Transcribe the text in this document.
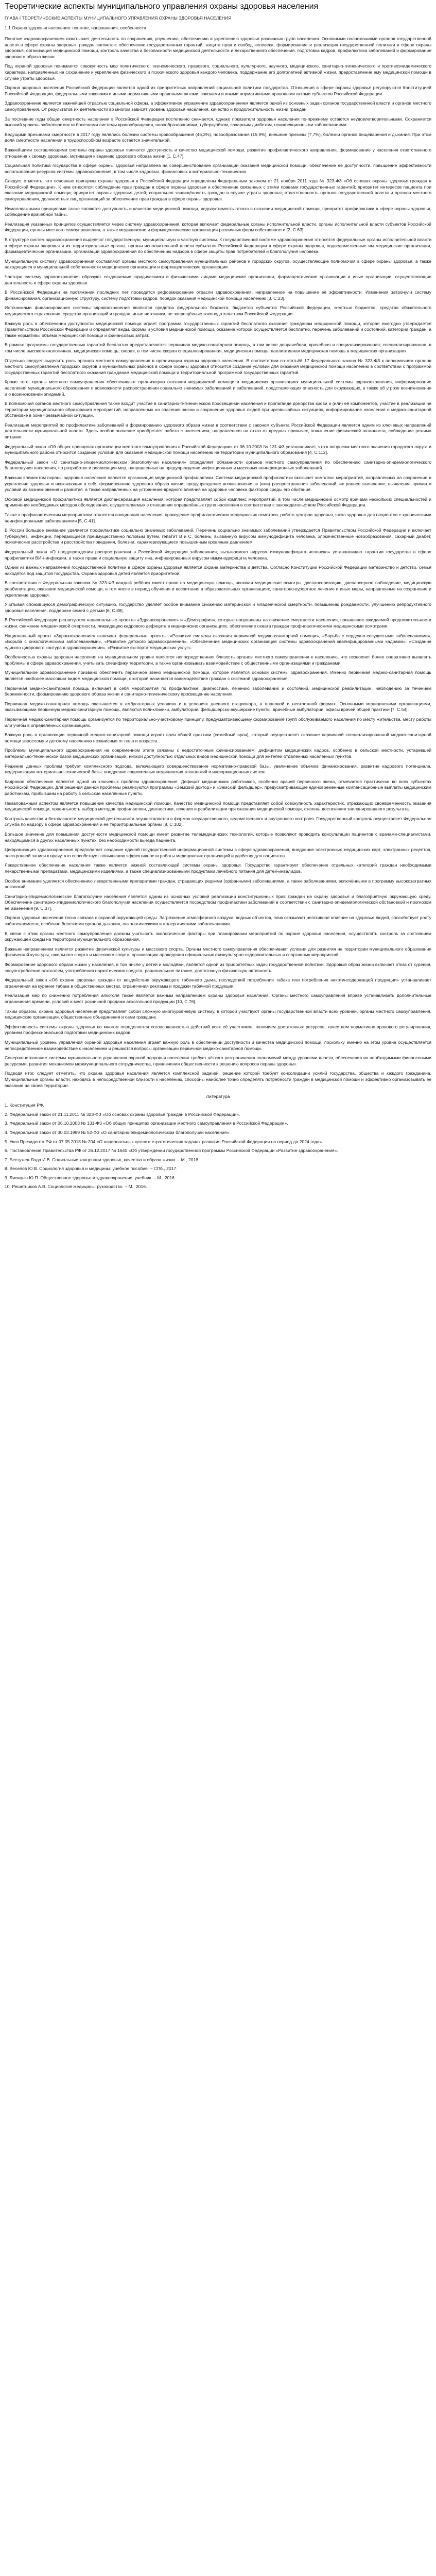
Теоретические аспекты муниципального управления охраны здоровья населения
ГЛАВА I ТЕОРЕТИЧЕСКИЕ АСПЕКТЫ МУНИЦИПАЛЬНОГО УПРАВЛЕНИЯ ОХРАНЫ ЗДОРОВЬЯ НАСЕЛЕНИЯ
1.1 Охрана здоровья населения: понятие, направления, особенности

Понятие «здравоохранение» охватывает деятельность по сохранению, улучшению, обеспечению и укреплению здоровья различных групп населения. Основными полномочиями органов государственной власти в сфере охраны здоровья граждан являются: обеспечение государственных гарантий, защита прав и свобод человека, формирование и реализация государственной политики в сфере охраны здоровья, организация медицинской помощи, контроль качества и безопасности медицинской деятельности и лекарственного обеспечения, подготовка кадров, профилактика заболеваний и формирование здорового образа жизни.

Под охраной здоровья понимается совокупность мер политического, экономического, правового, социального, культурного, научного, медицинского, санитарно-гигиенического и противоэпидемического характера, направленных на сохранение и укрепление физического и психического здоровья каждого человека, поддержание его долголетней активной жизни, предоставление ему медицинской помощи в случае утраты здоровья.

Охрана здоровья населения Российской Федерации является одной из приоритетных направлений социальной политики государства. Отношения в сфере охраны здоровья регулируются Конституцией Российской Федерации, федеральными законами и иными нормативными правовыми актами, законами и иными нормативными правовыми актами субъектов Российской Федерации.

Здравоохранение является важнейшей отраслью социальной сферы, а эффективное управление здравоохранением является одной из основных задач органов государственной власти и органов местного самоуправления. От результатов их деятельности во многом зависят уровень здоровья населения, качество и продолжительность жизни граждан.

За последние годы общая смертность населения в Российской Федерации постепенно снижается, однако показатели здоровья населения по-прежнему остаются неудовлетворительными. Сохраняется высокий уровень заболеваемости болезнями системы кровообращения, новообразованиями, туберкулёзом, сахарным диабетом, неинфекционными заболеваниями.

Ведущими причинами смертности в 2017 году являлись болезни системы кровообращения (46,3%), новообразования (15,9%), внешние причины (7,7%), болезни органов пищеварения и дыхания. При этом доля смертности населения в трудоспособном возрасте остаётся значительной.

Важнейшими составляющими системы охраны здоровья являются доступность и качество медицинской помощи, развитие профилактического направления, формирование у населения ответственного отношения к своему здоровью, мотивация к ведению здорового образа жизни [1, С.47].

Социальная политика государства в сфере охраны здоровья направлена на совершенствование организации оказания медицинской помощи, обеспечение её доступности, повышение эффективности использования ресурсов системы здравоохранения, в том числе кадровых, финансовых и материально-технических.

Следует отметить, что основные принципы охраны здоровья в Российской Федерации определены Федеральным законом от 21 ноября 2011 года № 323-ФЗ «Об основах охраны здоровья граждан в Российской Федерации». К ним относятся: соблюдение прав граждан в сфере охраны здоровья и обеспечение связанных с этими правами государственных гарантий; приоритет интересов пациента при оказании медицинской помощи; приоритет охраны здоровья детей; социальная защищённость граждан в случае утраты здоровья; ответственность органов государственной власти и органов местного самоуправления, должностных лиц организаций за обеспечение прав граждан в сфере охраны здоровья.

Немаловажными принципами также являются доступность и качество медицинской помощи, недопустимость отказа в оказании медицинской помощи, приоритет профилактики в сфере охраны здоровья, соблюдение врачебной тайны.

Реализация указанных принципов осуществляется через систему здравоохранения, которая включает федеральные органы исполнительной власти, органы исполнительной власти субъектов Российской Федерации, органы местного самоуправления, а также медицинские и фармацевтические организации различных форм собственности [2, С.63].

В структуре систем здравоохранения выделяют государственную, муниципальную и частную системы. К государственной системе здравоохранения относятся федеральные органы исполнительной власти в сфере охраны здоровья и их территориальные органы, органы исполнительной власти субъектов Российской Федерации в сфере охраны здоровья, подведомственные им медицинские организации, фармацевтические организации, организации здравоохранения по обеспечению надзора в сфере защиты прав потребителей и благополучия человека.

Муниципальную систему здравоохранения составляют органы местного самоуправления муниципальных районов и городских округов, осуществляющие полномочия в сфере охраны здоровья, а также находящиеся в муниципальной собственности медицинские организации и фармацевтические организации.

Частную систему здравоохранения образуют создаваемые юридическими и физическими лицами медицинские организации, фармацевтические организации и иные организации, осуществляющие деятельность в сфере охраны здоровья.

В Российской Федерации на протяжении последних лет проводится реформирование отрасли здравоохранения, направленное на повышение её эффективности. Изменения затронули систему финансирования, организационную структуру, систему подготовки кадров, порядок оказания медицинской помощи населению [3, С.23].

Источниками финансирования системы здравоохранения являются средства федерального бюджета, бюджетов субъектов Российской Федерации, местных бюджетов, средства обязательного медицинского страхования, средства организаций и граждан, иные источники, не запрещённые законодательством Российской Федерации.

Важную роль в обеспечении доступности медицинской помощи играет программа государственных гарантий бесплатного оказания гражданам медицинской помощи, которая ежегодно утверждается Правительством Российской Федерации и определяет виды, формы и условия медицинской помощи, оказание которой осуществляется бесплатно, перечень заболеваний и состояний, категории граждан, а также нормативы объёма медицинской помощи и финансовых затрат.

В рамках программы государственных гарантий бесплатно предоставляются: первичная медико-санитарная помощь, в том числе доврачебная, врачебная и специализированная; специализированная, в том числе высокотехнологичная, медицинская помощь; скорая, в том числе скорая специализированная, медицинская помощь; паллиативная медицинская помощь в медицинских организациях.

Отдельно следует выделить роль органов местного самоуправления в организации охраны здоровья населения. В соответствии со статьёй 17 Федерального закона № 323-ФЗ к полномочиям органов местного самоуправления городских округов и муниципальных районов в сфере охраны здоровья относится создание условий для оказания медицинской помощи населению в соответствии с программой государственных гарантий бесплатного оказания гражданам медицинской помощи и территориальной программой государственных гарантий.

Кроме того, органы местного самоуправления обеспечивают организацию оказания медицинской помощи в медицинских организациях муниципальной системы здравоохранения, информирование населения муниципального образования о возможности распространения социально значимых заболеваний и заболеваний, представляющих опасность для окружающих, а также об угрозе возникновения и о возникновении эпидемий.

В полномочия органов местного самоуправления также входит участие в санитарно-гигиеническом просвещении населения и пропаганде донорства крови и (или) её компонентов, участие в реализации на территории муниципального образования мероприятий, направленных на спасение жизни и сохранение здоровья людей при чрезвычайных ситуациях, информирование населения о медико-санитарной обстановке в зоне чрезвычайной ситуации.

Реализация мероприятий по профилактике заболеваний и формированию здорового образа жизни в соответствии с законом субъекта Российской Федерации является одним из ключевых направлений деятельности муниципальной власти. Здесь особое значение приобретает работа с населением, направленная на отказ от вредных привычек, повышение физической активности, соблюдение режима питания.

Федеральный закон «Об общих принципах организации местного самоуправления в Российской Федерации» от 06.10.2003 № 131-ФЗ устанавливает, что к вопросам местного значения городского округа и муниципального района относится создание условий для оказания медицинской помощи населению на территории муниципального образования [4, С.112].

Федеральный закон «О санитарно-эпидемиологическом благополучии населения» определяет обязанности органов местного самоуправления по обеспечению санитарно-эпидемиологического благополучия населения, по разработке и реализации мер, направленных на предупреждение инфекционных и массовых неинфекционных заболеваний.

Важным элементом охраны здоровья населения является организация медицинской профилактики. Система медицинской профилактики включает комплекс мероприятий, направленных на сохранение и укрепление здоровья и включающих в себя формирование здорового образа жизни, предупреждение возникновения и (или) распространения заболеваний, их раннее выявление, выявление причин и условий их возникновения и развития, а также направленных на устранение вредного влияния на здоровье человека факторов среды его обитания.

Основой медицинской профилактики является диспансеризация населения, которая представляет собой комплекс мероприятий, в том числе медицинский осмотр врачами нескольких специальностей и применение необходимых методов обследования, осуществляемых в отношении определённых групп населения в соответствии с законодательством Российской Федерации.

Также к профилактическим мероприятиям относятся вакцинация населения, проведение профилактических медицинских осмотров, работа центров здоровья, школ здоровья для пациентов с хроническими неинфекционными заболеваниями [5, С.41].

В России большое внимание уделяется профилактике социально значимых заболеваний. Перечень социально значимых заболеваний утверждается Правительством Российской Федерации и включает туберкулёз, инфекции, передающиеся преимущественно половым путём, гепатит B и C, болезнь, вызванную вирусом иммунодефицита человека, злокачественные новообразования, сахарный диабет, психические расстройства и расстройства поведения, болезни, характеризующиеся повышенным кровяным давлением.

Федеральный закон «О предупреждении распространения в Российской Федерации заболевания, вызываемого вирусом иммунодефицита человека» устанавливает гарантии государства в сфере профилактики ВИЧ-инфекции, а также права и социальную защиту лиц, инфицированных вирусом иммунодефицита человека.

Одним из важных направлений государственной политики в сфере охраны здоровья является охрана материнства и детства. Согласно Конституции Российской Федерации материнство и детство, семья находятся под защитой государства. Охрана здоровья детей является приоритетной.

В соответствии с Федеральным законом № 323-ФЗ каждый ребёнок имеет право на медицинскую помощь, включая медицинские осмотры, диспансеризацию, диспансерное наблюдение, медицинскую реабилитацию, оказание медицинской помощи, в том числе в период обучения и воспитания в образовательных организациях, санаторно-курортное лечение и иные меры, направленные на сохранение и укрепление здоровья.

Учитывая сложившуюся демографическую ситуацию, государство уделяет особое внимание снижению материнской и младенческой смертности, повышению рождаемости, улучшению репродуктивного здоровья населения, поддержке семей с детьми [6, С.88].

В Российской Федерации реализуются национальные проекты «Здравоохранение» и «Демография», которые направлены на снижение смертности населения, повышение ожидаемой продолжительности жизни, снижение младенческой смертности, ликвидацию кадрового дефицита в медицинских организациях, обеспечение охвата граждан профилактическими медицинскими осмотрами.

Национальный проект «Здравоохранение» включает федеральные проекты: «Развитие системы оказания первичной медико-санитарной помощи», «Борьба с сердечно-сосудистыми заболеваниями», «Борьба с онкологическими заболеваниями», «Развитие детского здравоохранения», «Обеспечение медицинских организаций системы здравоохранения квалифицированными кадрами», «Создание единого цифрового контура в здравоохранении», «Развитие экспорта медицинских услуг».

Особенностью охраны здоровья населения на муниципальном уровне является непосредственная близость органов местного самоуправления к населению, что позволяет более оперативно выявлять проблемы в сфере здравоохранения, учитывать специфику территории, а также организовывать взаимодействие с общественными организациями и гражданами.

Муниципальное здравоохранение призвано обеспечить первичное звено медицинской помощи, которое является основой системы здравоохранения. Именно первичная медико-санитарная помощь является наиболее массовым видом медицинской помощи, с которой начинается взаимодействие граждан с системой здравоохранения.

Первичная медико-санитарная помощь включает в себя мероприятия по профилактике, диагностике, лечению заболеваний и состояний, медицинской реабилитации, наблюдению за течением беременности, формированию здорового образа жизни и санитарно-гигиеническому просвещению населения.

Первичная медико-санитарная помощь оказывается в амбулаторных условиях и в условиях дневного стационара, в плановой и неотложной формах. Основными медицинскими организациями, оказывающими первичную медико-санитарную помощь, являются поликлиники, амбулатории, фельдшерско-акушерские пункты, врачебные амбулатории, офисы врачей общей практики [7, С.54].

Первичная медико-санитарная помощь организуется по территориально-участковому принципу, предусматривающему формирование групп обслуживаемого населения по месту жительства, месту работы или учёбы в определённых организациях.

Важную роль в организации первичной медико-санитарной помощи играет врач общей практики (семейный врач), который осуществляет оказание первичной специализированной медико-санитарной помощи взрослому и детскому населению независимо от пола и возраста.

Проблемы муниципального здравоохранения на современном этапе связаны с недостаточным финансированием, дефицитом медицинских кадров, особенно в сельской местности, устаревшей материально-технической базой медицинских организаций, низкой доступностью отдельных видов медицинской помощи для жителей отдалённых населённых пунктов.

Решение данных проблем требует комплексного подхода, включающего совершенствование нормативно-правовой базы, увеличение объёмов финансирования, развитие кадрового потенциала, модернизацию материально-технической базы, внедрение современных медицинских технологий и информационных систем.

Кадровое обеспечение является одной из ключевых проблем здравоохранения. Дефицит медицинских работников, особенно врачей первичного звена, отмечается практически во всех субъектах Российской Федерации. Для решения данной проблемы реализуются программы «Земский доктор» и «Земский фельдшер», предусматривающие единовременные компенсационные выплаты медицинским работникам, прибывшим на работу в сельские населённые пункты.

Немаловажным аспектом является повышение качества медицинской помощи. Качество медицинской помощи представляет собой совокупность характеристик, отражающих своевременность оказания медицинской помощи, правильность выбора методов профилактики, диагностики, лечения и реабилитации при оказании медицинской помощи, степень достижения запланированного результата.

Контроль качества и безопасности медицинской деятельности осуществляется в формах государственного, ведомственного и внутреннего контроля. Государственный контроль осуществляет Федеральная служба по надзору в сфере здравоохранения и её территориальные органы [8, С.102].

Большое значение для повышения доступности медицинской помощи имеет развитие телемедицинских технологий, которые позволяют проводить консультации пациентов с врачами-специалистами, находящимися в других населённых пунктах, без необходимости выезда пациента.

Цифровизация здравоохранения предполагает создание единой государственной информационной системы в сфере здравоохранения, внедрение электронных медицинских карт, электронных рецептов, электронной записи к врачу, что способствует повышению эффективности работы медицинских организаций и удобству для пациентов.

Лекарственное обеспечение населения также является важной составляющей системы охраны здоровья. Государство гарантирует обеспечение отдельных категорий граждан необходимыми лекарственными препаратами, медицинскими изделиями, а также специализированными продуктами лечебного питания для детей-инвалидов.

Особое внимание уделяется обеспечению лекарственными препаратами граждан, страдающих редкими (орфанными) заболеваниями, а также заболеваниями, включёнными в программу высокозатратных нозологий.

Санитарно-эпидемиологическое благополучие населения является одним из основных условий реализации конституционных прав граждан на охрану здоровья и благоприятную окружающую среду. Обеспечение санитарно-эпидемиологического благополучия населения осуществляется посредством профилактики заболеваний в соответствии с санитарно-эпидемиологической обстановкой и прогнозом её изменения [9, С.37].

Охрана здоровья населения тесно связана с охраной окружающей среды. Загрязнение атмосферного воздуха, водных объектов, почв оказывает негативное влияние на здоровье людей, способствует росту заболеваемости, особенно болезнями органов дыхания, онкологическими и аллергическими заболеваниями.

В связи с этим органы местного самоуправления должны учитывать экологические факторы при планировании мероприятий по охране здоровья населения, осуществлять контроль за состоянием окружающей среды на территории муниципального образования.

Важным направлением является развитие физической культуры и массового спорта. Органы местного самоуправления обеспечивают условия для развития на территории муниципального образования физической культуры, школьного спорта и массового спорта, организацию проведения официальных физкультурно-оздоровительных и спортивных мероприятий.

Формирование здорового образа жизни у населения, в том числе у детей и молодёжи, является одной из приоритетных задач государственной политики. Здоровый образ жизни включает отказ от курения, злоупотребления алкоголем, употребления наркотических средств, рациональное питание, достаточную физическую активность.

Федеральный закон «Об охране здоровья граждан от воздействия окружающего табачного дыма, последствий потребления табака или потребления никотинсодержащей продукции» устанавливает ограничения на курение табака в общественных местах, ограничения рекламы и продажи табачной продукции.

Реализация мер по снижению потребления алкоголя также является важным направлением охраны здоровья населения. Органы местного самоуправления вправе устанавливать дополнительные ограничения времени, условий и мест розничной продажи алкогольной продукции [10, С.76].

Таким образом, охрана здоровья населения представляет собой сложную многоуровневую систему, в которой участвуют органы государственной власти всех уровней, органы местного самоуправления, медицинские организации, общественные объединения и сами граждане.

Эффективность системы охраны здоровья во многом определяется согласованностью действий всех её участников, наличием достаточных ресурсов, качеством нормативно-правового регулирования, уровнем профессиональной подготовки медицинских кадров.

Муниципальный уровень управления охраной здоровья населения играет важную роль в обеспечении доступности и качества медицинской помощи, поскольку именно на этом уровне осуществляется непосредственное взаимодействие с населением и решаются вопросы организации первичной медико-санитарной помощи.

Совершенствование системы муниципального управления охраной здоровья населения требует чёткого разграничения полномочий между уровнями власти, обеспечения их необходимыми финансовыми ресурсами, развития механизмов межмуниципального сотрудничества, привлечения общественности к решению вопросов охраны здоровья.

Подводя итог, следует отметить, что охрана здоровья населения является комплексной задачей, решение которой требует консолидации усилий государства, общества и каждого гражданина. Муниципальные органы власти, находясь в непосредственной близости к населению, способны наиболее точно определять потребности граждан в медицинской помощи и эффективно организовывать её оказание на своей территории.

Литература
1. Конституция РФ.
2. Федеральный закон от 21.11.2011 № 323-ФЗ «Об основах охраны здоровья граждан в Российской Федерации».
3. Федеральный закон от 06.10.2003 № 131-ФЗ «Об общих принципах организации местного самоуправления в Российской Федерации».
4. Федеральный закон от 30.03.1999 № 52-ФЗ «О санитарно-эпидемиологическом благополучии населения».
5. Указ Президента РФ от 07.05.2018 № 204 «О национальных целях и стратегических задачах развития Российской Федерации на период до 2024 года».
6. Постановление Правительства РФ от 26.12.2017 № 1640 «Об утверждении государственной программы Российской Федерации «Развитие здравоохранения».
7. Бестужев-Лада И.В. Социальные концепции здоровья, качества и образа жизни. – М., 2018.
8. Веселов Ю.В. Социология здоровья и медицины: учебное пособие. – СПб., 2017.
9. Лисицын Ю.П. Общественное здоровье и здравоохранение: учебник. – М., 2016.
10. Решетников А.В. Социология медицины: руководство. – М., 2016.
